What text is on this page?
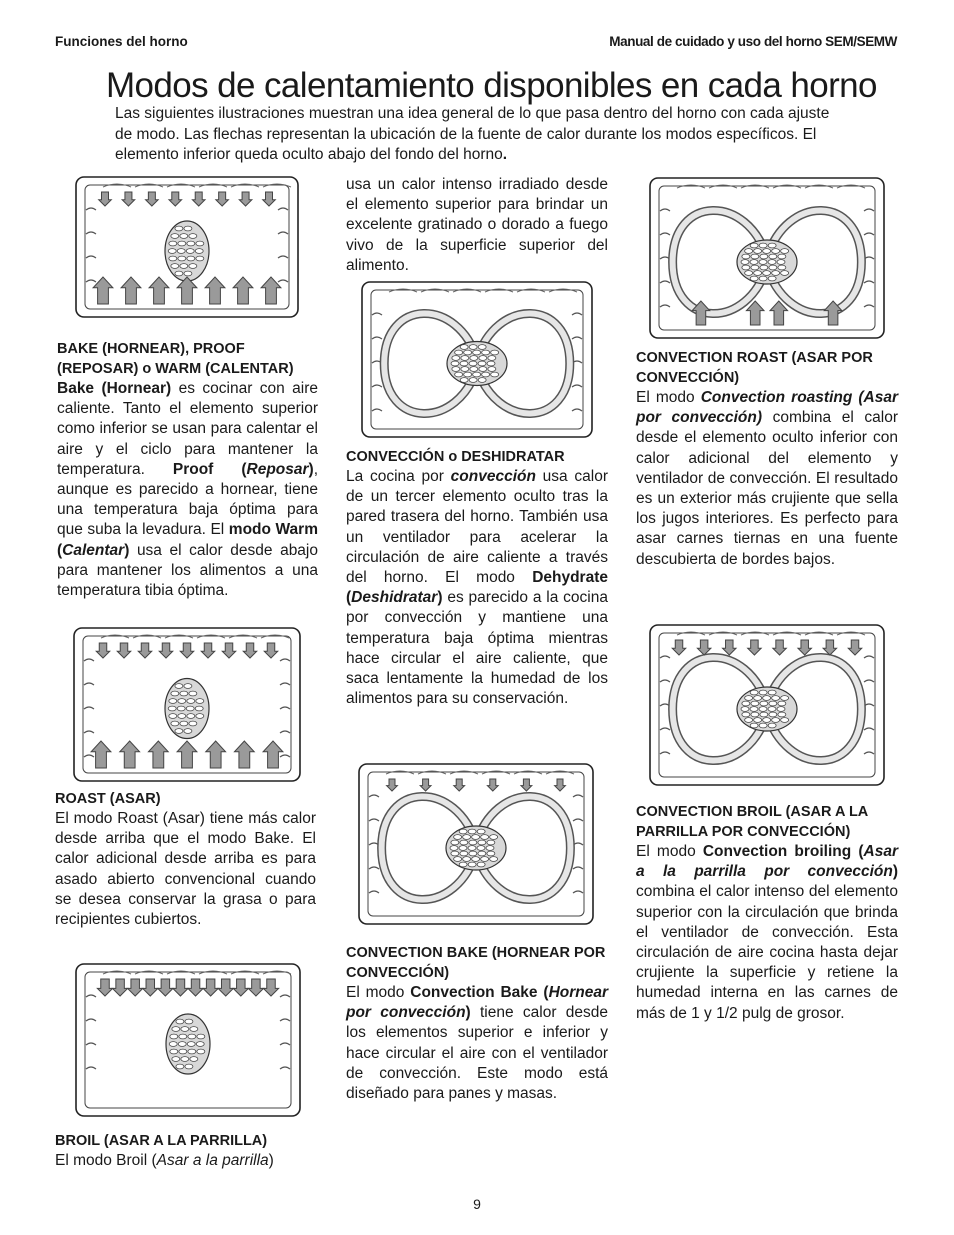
Funciones del horno	Manual de cuidado y uso del horno SEM/SEMW
Modos de calentamiento disponibles en cada horno
Las siguientes ilustraciones muestran una idea general de lo que pasa dentro del horno con cada ajuste de modo. Las flechas representan la ubicación de la fuente de calor durante los modos específicos. El elemento inferior queda oculto abajo del fondo del horno.
BAKE (HORNEAR), PROOF (REPOSAR) o WARM (CALENTAR)

Bake (Hornear) es cocinar con aire caliente. Tanto el elemento superior como inferior se usan para calentar el aire y el ciclo para mantener la temperatura. Proof (Reposar), aunque es parecido a hornear, tiene una temperatura baja óptima para que suba la levadura. El modo Warm (Calentar) usa el calor desde abajo para mantener los alimentos a una temperatura tibia óptima.

ROAST (ASAR)

El modo Roast (Asar) tiene más calor desde arriba que el modo Bake. El calor adicional desde arriba es para asado abierto convencional cuando se desea conservar la grasa o para recipientes cubiertos.

BROIL (ASAR A LA PARRILLA)

El modo Broil (Asar a la parrilla)

usa un calor intenso irradiado desde el elemento superior para brindar un excelente gratinado o dorado a fuego vivo de la superficie superior del alimento.

CONVECCIÓN o DESHIDRATAR

La cocina por convección usa calor de un tercer elemento oculto tras la pared trasera del horno. También usa un ventilador para acelerar la circulación de aire caliente a través del horno. El modo Dehydrate (Deshidratar) es parecido a la cocina por convección y mantiene una temperatura baja óptima mientras hace circular el aire caliente, que saca lentamente la humedad de los alimentos para su conservación.

CONVECTION BAKE (HORNEAR POR CONVECCIÓN)

El modo Convection Bake (Hornear por convección) tiene calor desde los elementos superior e inferior y hace circular el aire con el ventilador de convección. Este modo está diseñado para panes y masas.

CONVECTION ROAST (ASAR POR CONVECCIÓN)

El modo Convection roasting (Asar por convección) combina el calor desde el elemento oculto inferior con calor adicional del elemento y ventilador de convección. El resultado es un exterior más crujiente que sella los jugos interiores. Es perfecto para asar carnes tiernas en una fuente descubierta de bordes bajos.

CONVECTION BROIL (ASAR A LA PARRILLA POR CONVECCIÓN)

El modo Convection broiling (Asar a la parrilla por convección) combina el calor intenso del elemento superior con la circulación que brinda el ventilador de convección. Esta circulación de aire cocina hasta dejar crujiente la superficie y retiene la humedad interna en las carnes de más de 1 y 1/2 pulg de grosor.

9
